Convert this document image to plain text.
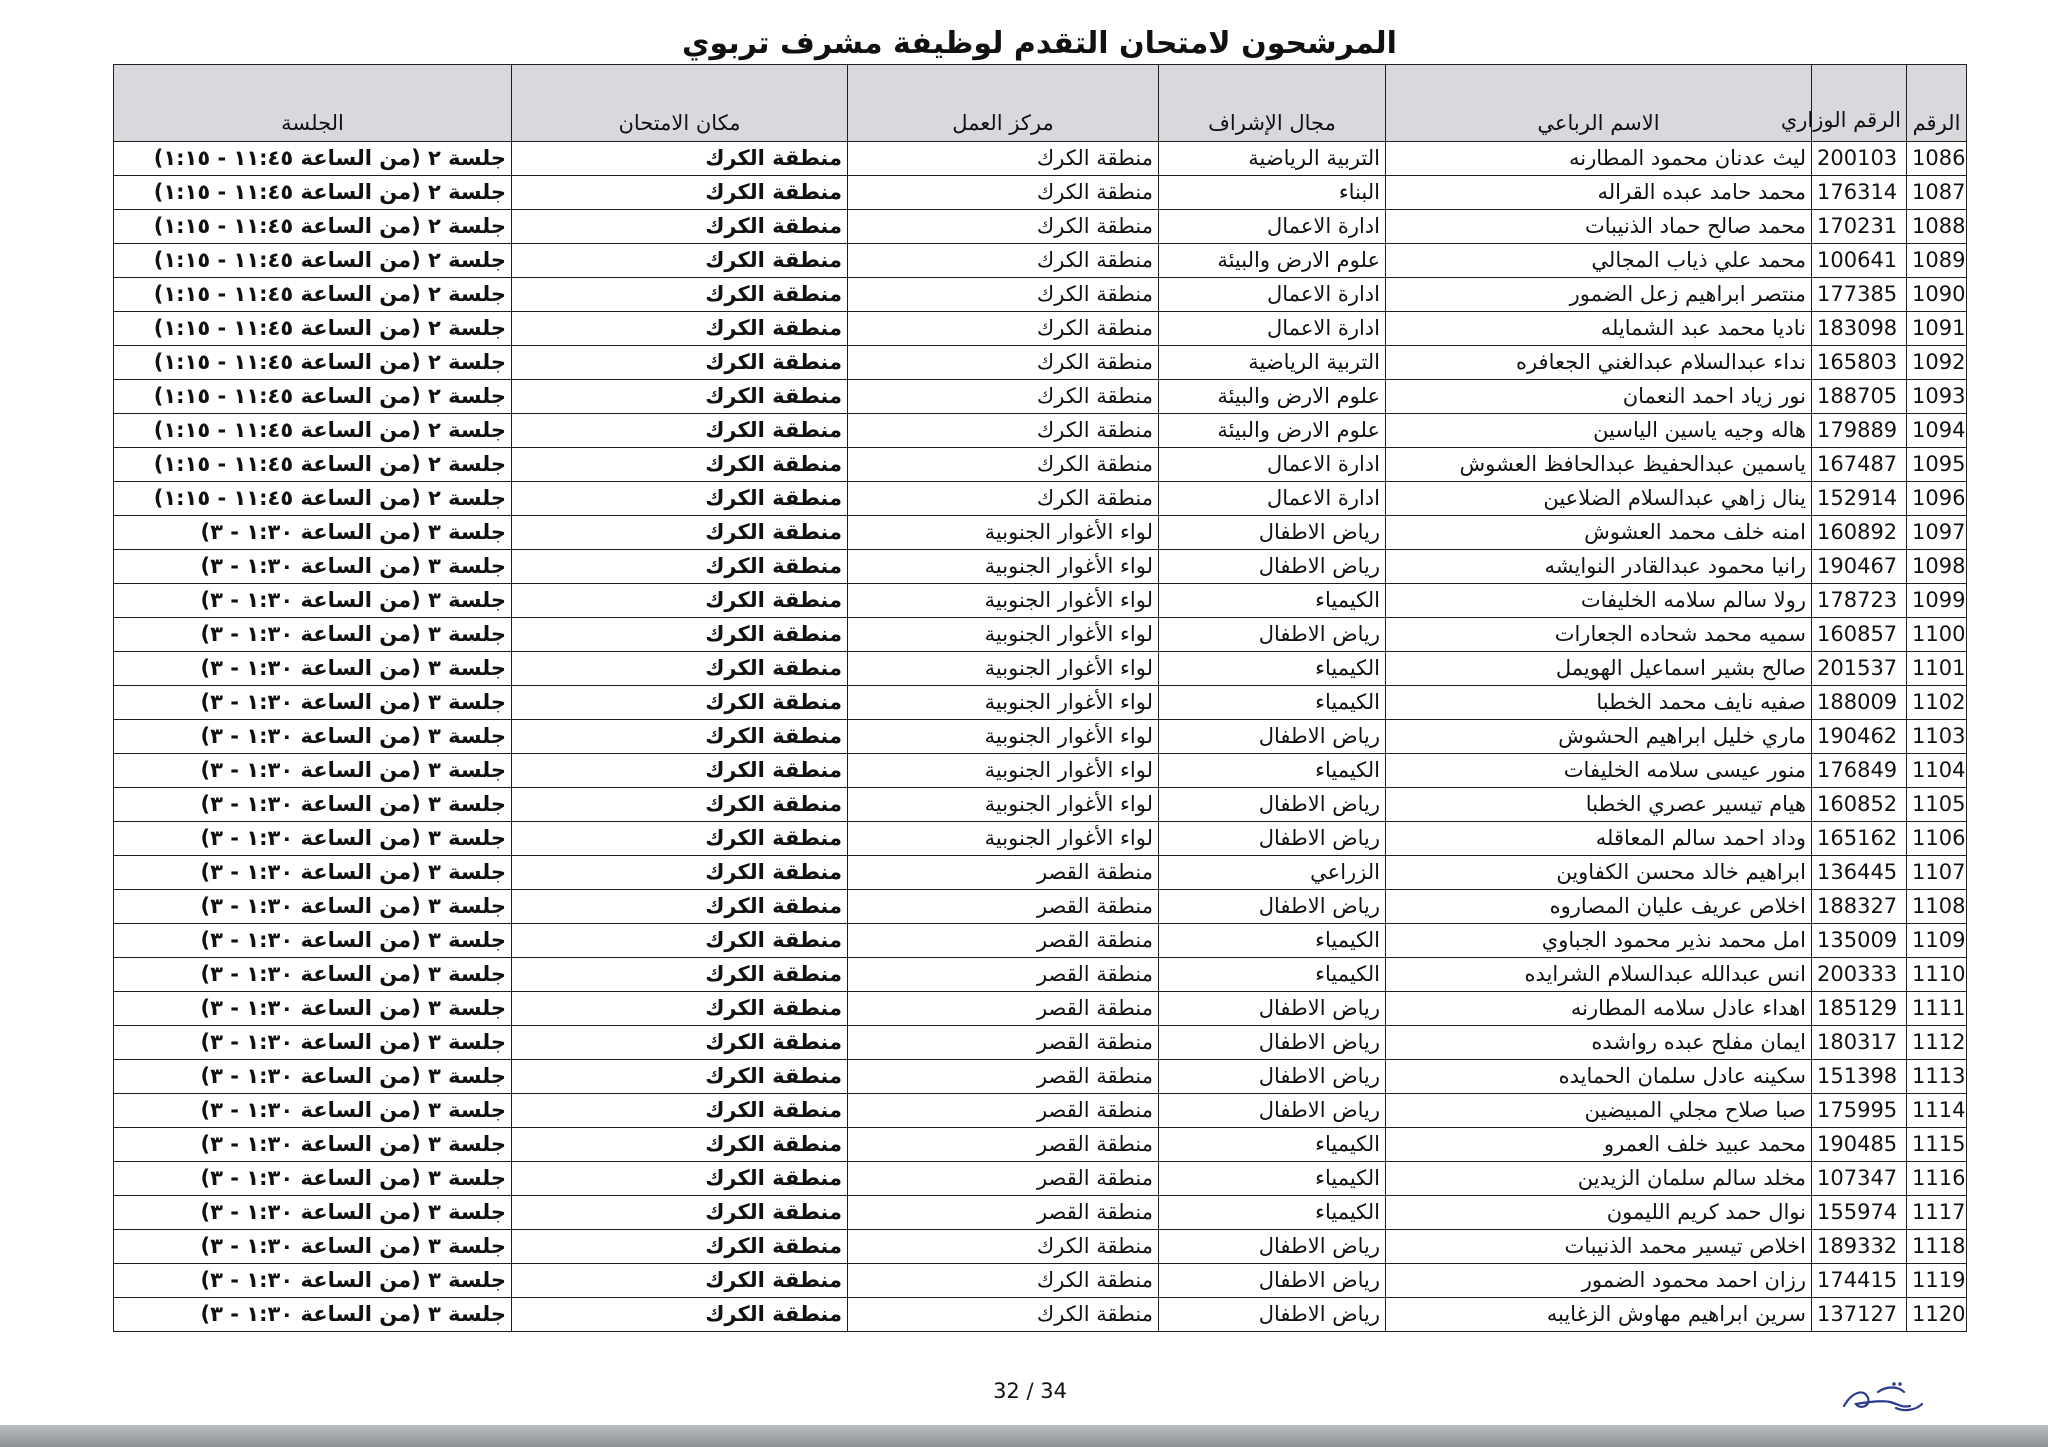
المرشحون لامتحان التقدم لوظيفة مشرف تربوي
الرقم	الرقم الوزاري	الاسم الرباعي	مجال الإشراف	مركز العمل	مكان الامتحان	الجلسة
1086	200103	ليث عدنان محمود المطارنه	التربية الرياضية	منطقة الكرك	منطقة الكرك	جلسة ٢ (من الساعة ١١:٤٥ - ١:١٥)
1087	176314	محمد حامد عبده القراله	البناء	منطقة الكرك	منطقة الكرك	جلسة ٢ (من الساعة ١١:٤٥ - ١:١٥)
1088	170231	محمد صالح حماد الذنيبات	ادارة الاعمال	منطقة الكرك	منطقة الكرك	جلسة ٢ (من الساعة ١١:٤٥ - ١:١٥)
1089	100641	محمد علي ذياب المجالي	علوم الارض والبيئة	منطقة الكرك	منطقة الكرك	جلسة ٢ (من الساعة ١١:٤٥ - ١:١٥)
1090	177385	منتصر ابراهيم زعل الضمور	ادارة الاعمال	منطقة الكرك	منطقة الكرك	جلسة ٢ (من الساعة ١١:٤٥ - ١:١٥)
1091	183098	ناديا محمد عبد الشمايله	ادارة الاعمال	منطقة الكرك	منطقة الكرك	جلسة ٢ (من الساعة ١١:٤٥ - ١:١٥)
1092	165803	نداء عبدالسلام عبدالغني الجعافره	التربية الرياضية	منطقة الكرك	منطقة الكرك	جلسة ٢ (من الساعة ١١:٤٥ - ١:١٥)
1093	188705	نور زياد احمد النعمان	علوم الارض والبيئة	منطقة الكرك	منطقة الكرك	جلسة ٢ (من الساعة ١١:٤٥ - ١:١٥)
1094	179889	هاله وجيه ياسين الياسين	علوم الارض والبيئة	منطقة الكرك	منطقة الكرك	جلسة ٢ (من الساعة ١١:٤٥ - ١:١٥)
1095	167487	ياسمين عبدالحفيظ عبدالحافظ العشوش	ادارة الاعمال	منطقة الكرك	منطقة الكرك	جلسة ٢ (من الساعة ١١:٤٥ - ١:١٥)
1096	152914	ينال زاهي عبدالسلام الضلاعين	ادارة الاعمال	منطقة الكرك	منطقة الكرك	جلسة ٢ (من الساعة ١١:٤٥ - ١:١٥)
1097	160892	امنه خلف محمد العشوش	رياض الاطفال	لواء الأغوار الجنوبية	منطقة الكرك	جلسة ٣ (من الساعة ١:٣٠ - ٣)
1098	190467	رانيا محمود عبدالقادر النوايشه	رياض الاطفال	لواء الأغوار الجنوبية	منطقة الكرك	جلسة ٣ (من الساعة ١:٣٠ - ٣)
1099	178723	رولا سالم سلامه الخليفات	الكيمياء	لواء الأغوار الجنوبية	منطقة الكرك	جلسة ٣ (من الساعة ١:٣٠ - ٣)
1100	160857	سميه محمد شحاده الجعارات	رياض الاطفال	لواء الأغوار الجنوبية	منطقة الكرك	جلسة ٣ (من الساعة ١:٣٠ - ٣)
1101	201537	صالح بشير اسماعيل الهويمل	الكيمياء	لواء الأغوار الجنوبية	منطقة الكرك	جلسة ٣ (من الساعة ١:٣٠ - ٣)
1102	188009	صفيه نايف محمد الخطبا	الكيمياء	لواء الأغوار الجنوبية	منطقة الكرك	جلسة ٣ (من الساعة ١:٣٠ - ٣)
1103	190462	ماري خليل ابراهيم الحشوش	رياض الاطفال	لواء الأغوار الجنوبية	منطقة الكرك	جلسة ٣ (من الساعة ١:٣٠ - ٣)
1104	176849	منور عيسى سلامه الخليفات	الكيمياء	لواء الأغوار الجنوبية	منطقة الكرك	جلسة ٣ (من الساعة ١:٣٠ - ٣)
1105	160852	هيام تيسير عصري الخطبا	رياض الاطفال	لواء الأغوار الجنوبية	منطقة الكرك	جلسة ٣ (من الساعة ١:٣٠ - ٣)
1106	165162	وداد احمد سالم المعاقله	رياض الاطفال	لواء الأغوار الجنوبية	منطقة الكرك	جلسة ٣ (من الساعة ١:٣٠ - ٣)
1107	136445	ابراهيم خالد محسن الكفاوين	الزراعي	منطقة القصر	منطقة الكرك	جلسة ٣ (من الساعة ١:٣٠ - ٣)
1108	188327	اخلاص عريف عليان المصاروه	رياض الاطفال	منطقة القصر	منطقة الكرك	جلسة ٣ (من الساعة ١:٣٠ - ٣)
1109	135009	امل محمد نذير محمود الجباوي	الكيمياء	منطقة القصر	منطقة الكرك	جلسة ٣ (من الساعة ١:٣٠ - ٣)
1110	200333	انس عبدالله عبدالسلام الشرايده	الكيمياء	منطقة القصر	منطقة الكرك	جلسة ٣ (من الساعة ١:٣٠ - ٣)
1111	185129	اهداء عادل سلامه المطارنه	رياض الاطفال	منطقة القصر	منطقة الكرك	جلسة ٣ (من الساعة ١:٣٠ - ٣)
1112	180317	ايمان مفلح عبده رواشده	رياض الاطفال	منطقة القصر	منطقة الكرك	جلسة ٣ (من الساعة ١:٣٠ - ٣)
1113	151398	سكينه عادل سلمان الحمايده	رياض الاطفال	منطقة القصر	منطقة الكرك	جلسة ٣ (من الساعة ١:٣٠ - ٣)
1114	175995	صبا صلاح مجلي المبيضين	رياض الاطفال	منطقة القصر	منطقة الكرك	جلسة ٣ (من الساعة ١:٣٠ - ٣)
1115	190485	محمد عبيد خلف العمرو	الكيمياء	منطقة القصر	منطقة الكرك	جلسة ٣ (من الساعة ١:٣٠ - ٣)
1116	107347	مخلد سالم سلمان الزيدين	الكيمياء	منطقة القصر	منطقة الكرك	جلسة ٣ (من الساعة ١:٣٠ - ٣)
1117	155974	نوال حمد كريم الليمون	الكيمياء	منطقة القصر	منطقة الكرك	جلسة ٣ (من الساعة ١:٣٠ - ٣)
1118	189332	اخلاص تيسير محمد الذنيبات	رياض الاطفال	منطقة الكرك	منطقة الكرك	جلسة ٣ (من الساعة ١:٣٠ - ٣)
1119	174415	رزان احمد محمود الضمور	رياض الاطفال	منطقة الكرك	منطقة الكرك	جلسة ٣ (من الساعة ١:٣٠ - ٣)
1120	137127	سرين ابراهيم مهاوش الزغايبه	رياض الاطفال	منطقة الكرك	منطقة الكرك	جلسة ٣ (من الساعة ١:٣٠ - ٣)
32 / 34
